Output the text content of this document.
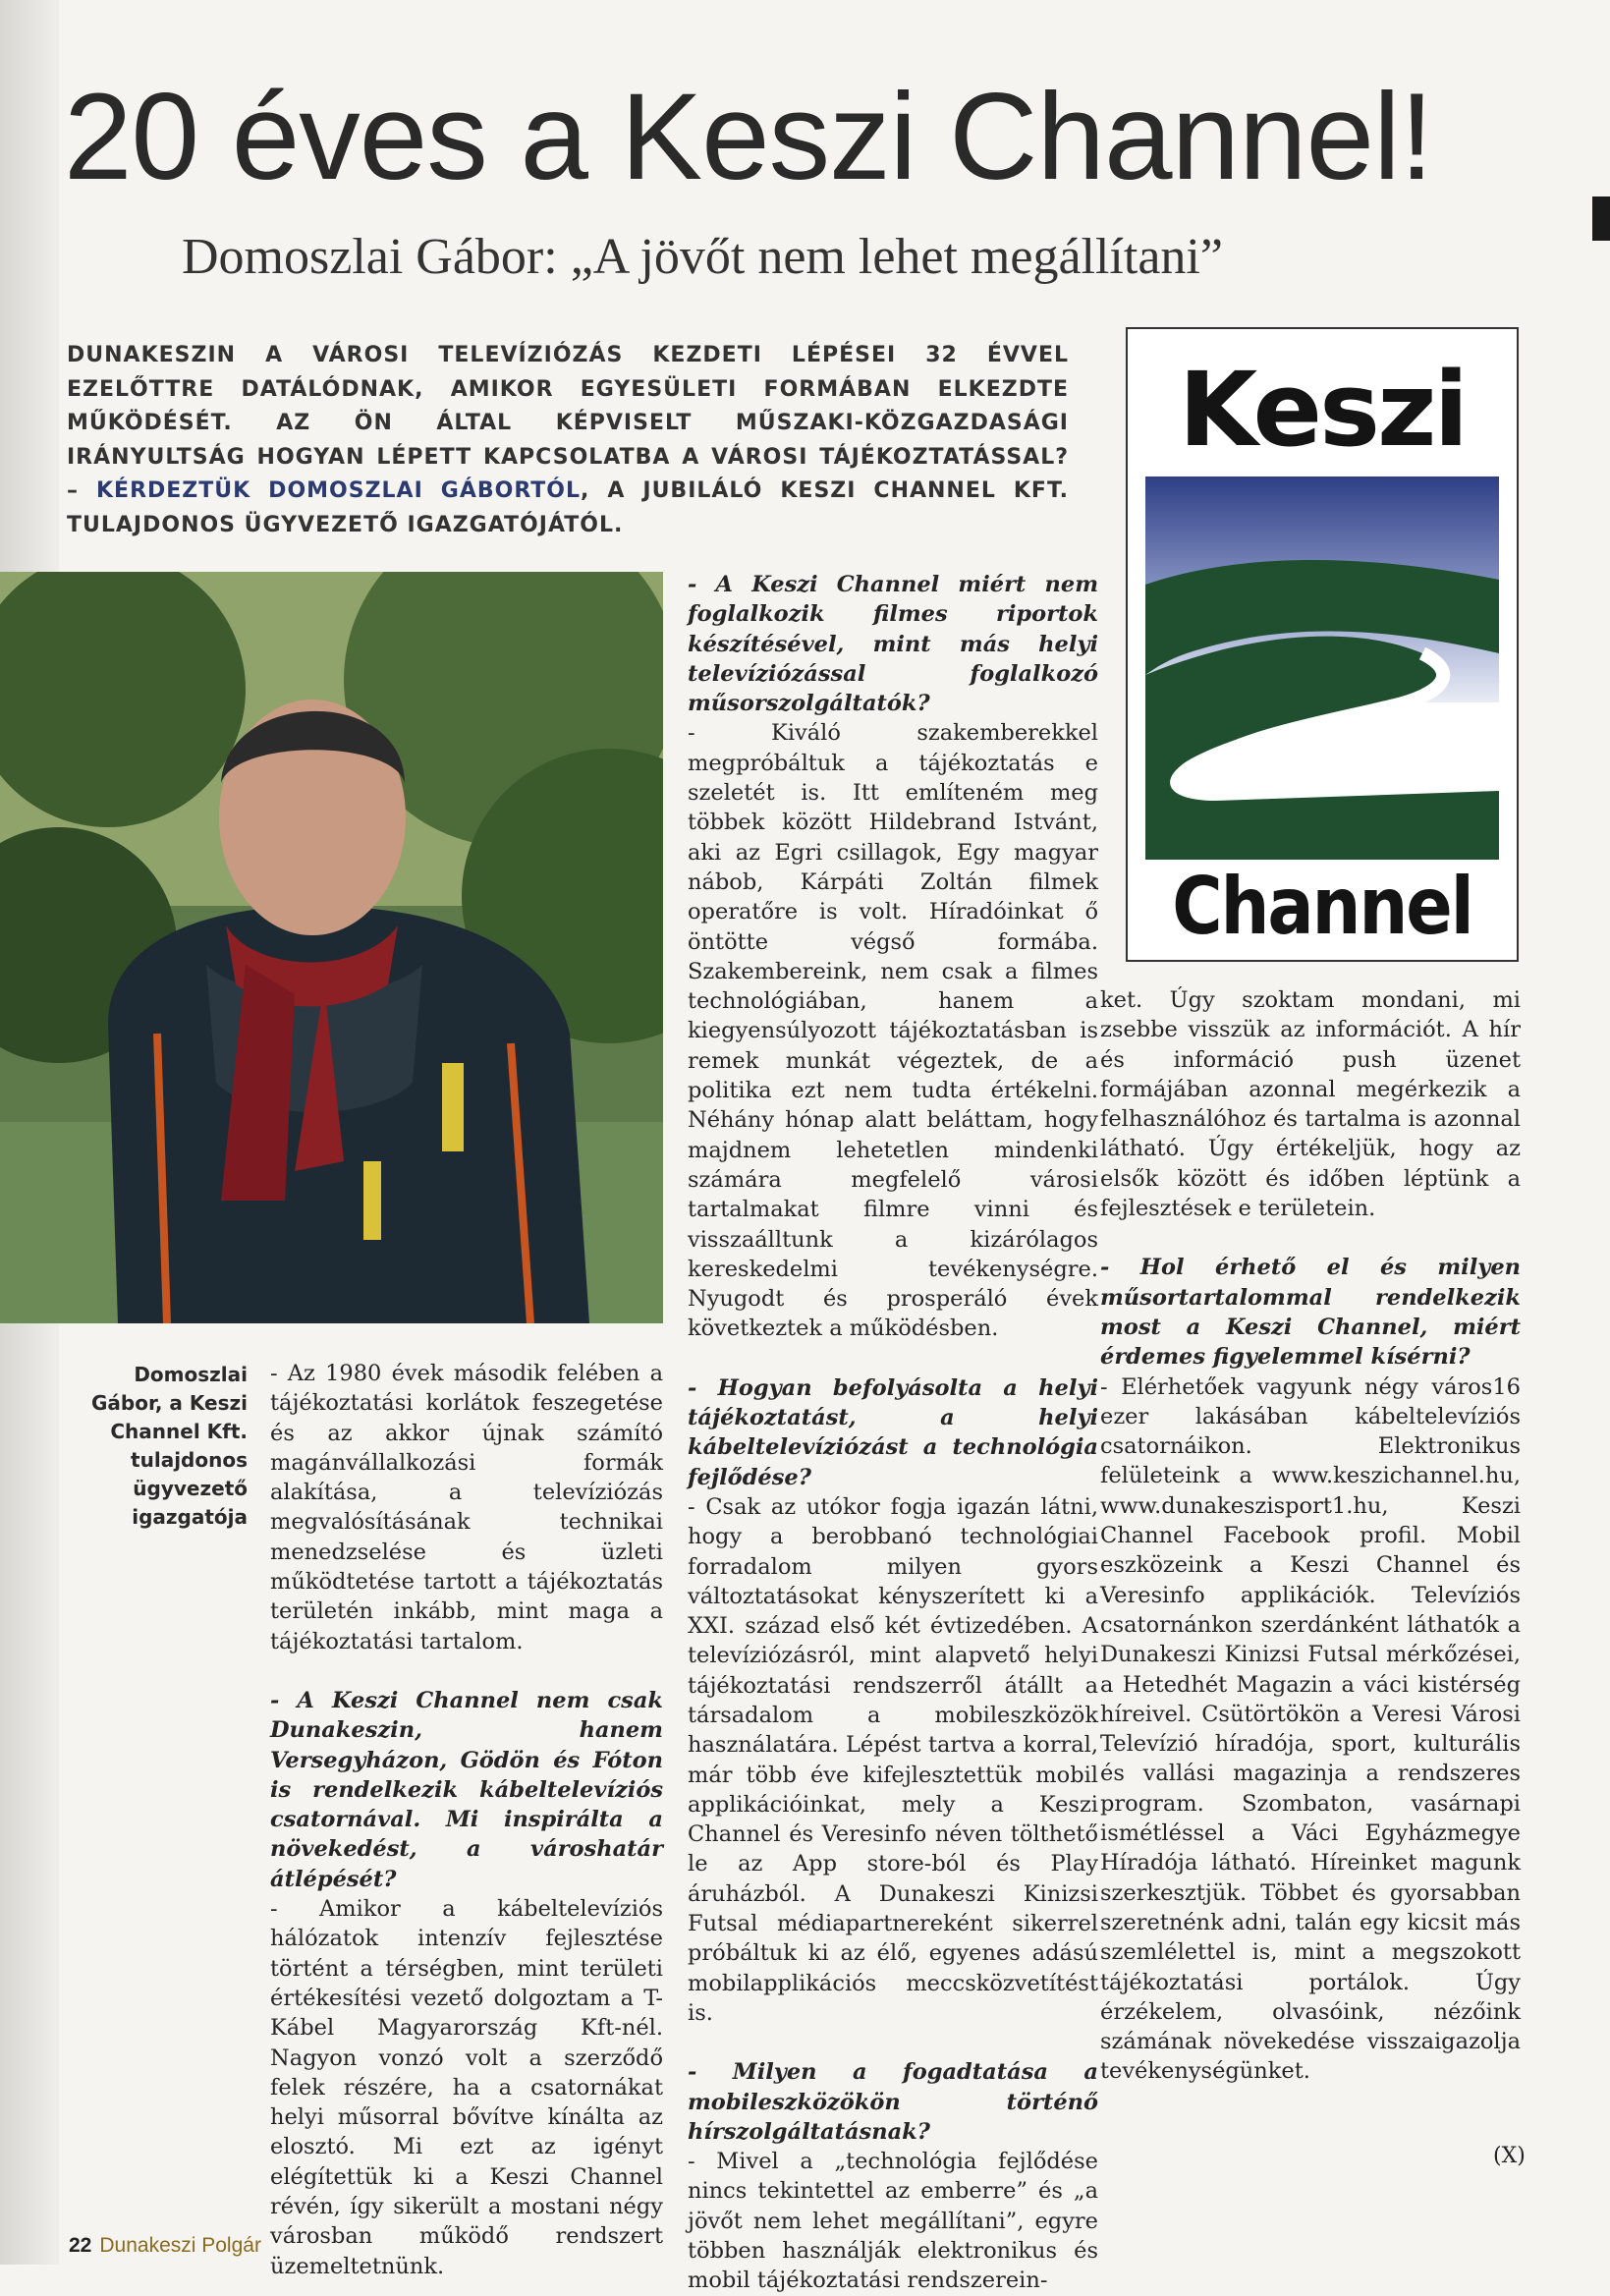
20 éves a Keszi Channel!
Domoszlai Gábor: „A jövőt nem lehet megállítani”
DUNAKESZIN A VÁROSI TELEVÍZIÓZÁS KEZDETI LÉPÉSEI 32 ÉVVEL EZELŐTTRE DATÁLÓDNAK, AMIKOR EGYESÜLETI FORMÁBAN ELKEZDTE MŰKÖDÉSÉT. AZ ÖN ÁLTAL KÉPVISELT MŰSZAKI-KÖZGAZDASÁGI IRÁNYULTSÁG HOGYAN LÉPETT KAPCSOLATBA A VÁROSI TÁJÉKOZTATÁSSAL? – KÉRDEZTÜK DOMOSZLAI GÁBORTÓL, A JUBILÁLÓ KESZI CHANNEL KFT. TULAJDONOS ÜGYVEZETŐ IGAZGATÓJÁTÓL.
Keszi
Channel
Domoszlai Gábor, a Keszi Channel Kft. tulajdonos ügyvezető igazgatója

- Az 1980 évek második felében a tájékoztatási korlátok feszegetése és az akkor újnak számító magánvállalkozási formák alakítása, a televíziózás megvalósításának technikai menedzselése és üzleti működtetése tartott a tájékoztatás területén inkább, mint maga a tájékoztatási tartalom.

- A Keszi Channel nem csak Dunakeszin, hanem Versegyházon, Gödön és Fóton is rendelkezik kábeltelevíziós csatornával. Mi inspirálta a növekedést, a városhatár átlépését?

- Amikor a kábeltelevíziós hálózatok intenzív fejlesztése történt a térségben, mint területi értékesítési vezető dolgoztam a T-Kábel Magyarország Kft-nél. Nagyon vonzó volt a szerződő felek részére, ha a csatornákat helyi műsorral bővítve kínálta az elosztó. Mi ezt az igényt elégítettük ki a Keszi Channel révén, így sikerült a mostani négy városban működő rendszert üzemeltetnünk.

- A Keszi Channel miért nem foglalkozik filmes riportok készítésével, mint más helyi televíziózással foglalkozó műsorszolgáltatók?

- Kiváló szakemberekkel megpróbáltuk a tájékoztatás e szeletét is. Itt említeném meg többek között Hildebrand Istvánt, aki az Egri csillagok, Egy magyar nábob, Kárpáti Zoltán filmek operatőre is volt. Híradóinkat ő öntötte végső formába. Szakembereink, nem csak a filmes technológiában, hanem a kiegyensúlyozott tájékoztatásban is remek munkát végeztek, de a politika ezt nem tudta értékelni. Néhány hónap alatt beláttam, hogy majdnem lehetetlen mindenki számára megfelelő városi tartalmakat filmre vinni és visszaálltunk a kizárólagos kereskedelmi tevékenységre. Nyugodt és prosperáló évek következtek a működésben.

- Hogyan befolyásolta a helyi tájékoztatást, a helyi kábeltelevíziózást a technológia fejlődése?

- Csak az utókor fogja igazán látni, hogy a berobbanó technológiai forradalom milyen gyors változtatásokat kényszerített ki a XXI. század első két évtizedében. A televíziózásról, mint alapvető helyi tájékoztatási rendszerről átállt a társadalom a mobileszközök használatára. Lépést tartva a korral, már több éve kifejlesztettük mobil applikációinkat, mely a Keszi Channel és Veresinfo néven tölthető le az App store-ból és Play áruházból. A Dunakeszi Kinizsi Futsal médiapartnereként sikerrel próbáltuk ki az élő, egyenes adású mobilapplikációs meccsközvetítést is.

- Milyen a fogadtatása a mobileszközökön történő hírszolgáltatásnak?

- Mivel a „technológia fejlődése nincs tekintettel az emberre” és „a jövőt nem lehet megállítani”, egyre többen használják elektronikus és mobil tájékoztatási rendszerein-

ket. Úgy szoktam mondani, mi zsebbe visszük az információt. A hír és információ push üzenet formájában azonnal megérkezik a felhasználóhoz és tartalma is azonnal látható. Úgy értékeljük, hogy az elsők között és időben léptünk a fejlesztések e területein.

- Hol érhető el és milyen műsortartalommal rendelkezik most a Keszi Channel, miért érdemes figyelemmel kísérni?

- Elérhetőek vagyunk négy város16 ezer lakásában kábeltelevíziós csatornáikon. Elektronikus felületeink a www.keszichannel.hu, www.dunakeszisport1.hu, Keszi Channel Facebook profil. Mobil eszközeink a Keszi Channel és Veresinfo applikációk. Televíziós csatornánkon szerdánként láthatók a Dunakeszi Kinizsi Futsal mérkőzései, a Hetedhét Magazin a váci kistérség híreivel. Csütörtökön a Veresi Városi Televízió híradója, sport, kulturális és vallási magazinja a rendszeres program. Szombaton, vasárnapi ismétléssel a Váci Egyházmegye Híradója látható. Híreinket magunk szerkesztjük. Többet és gyorsabban szeretnénk adni, talán egy kicsit más szemlélettel is, mint a megszokott tájékoztatási portálok. Úgy érzékelem, olvasóink, nézőink számának növekedése visszaigazolja tevékenységünket.

(X)
22 Dunakeszi Polgár
